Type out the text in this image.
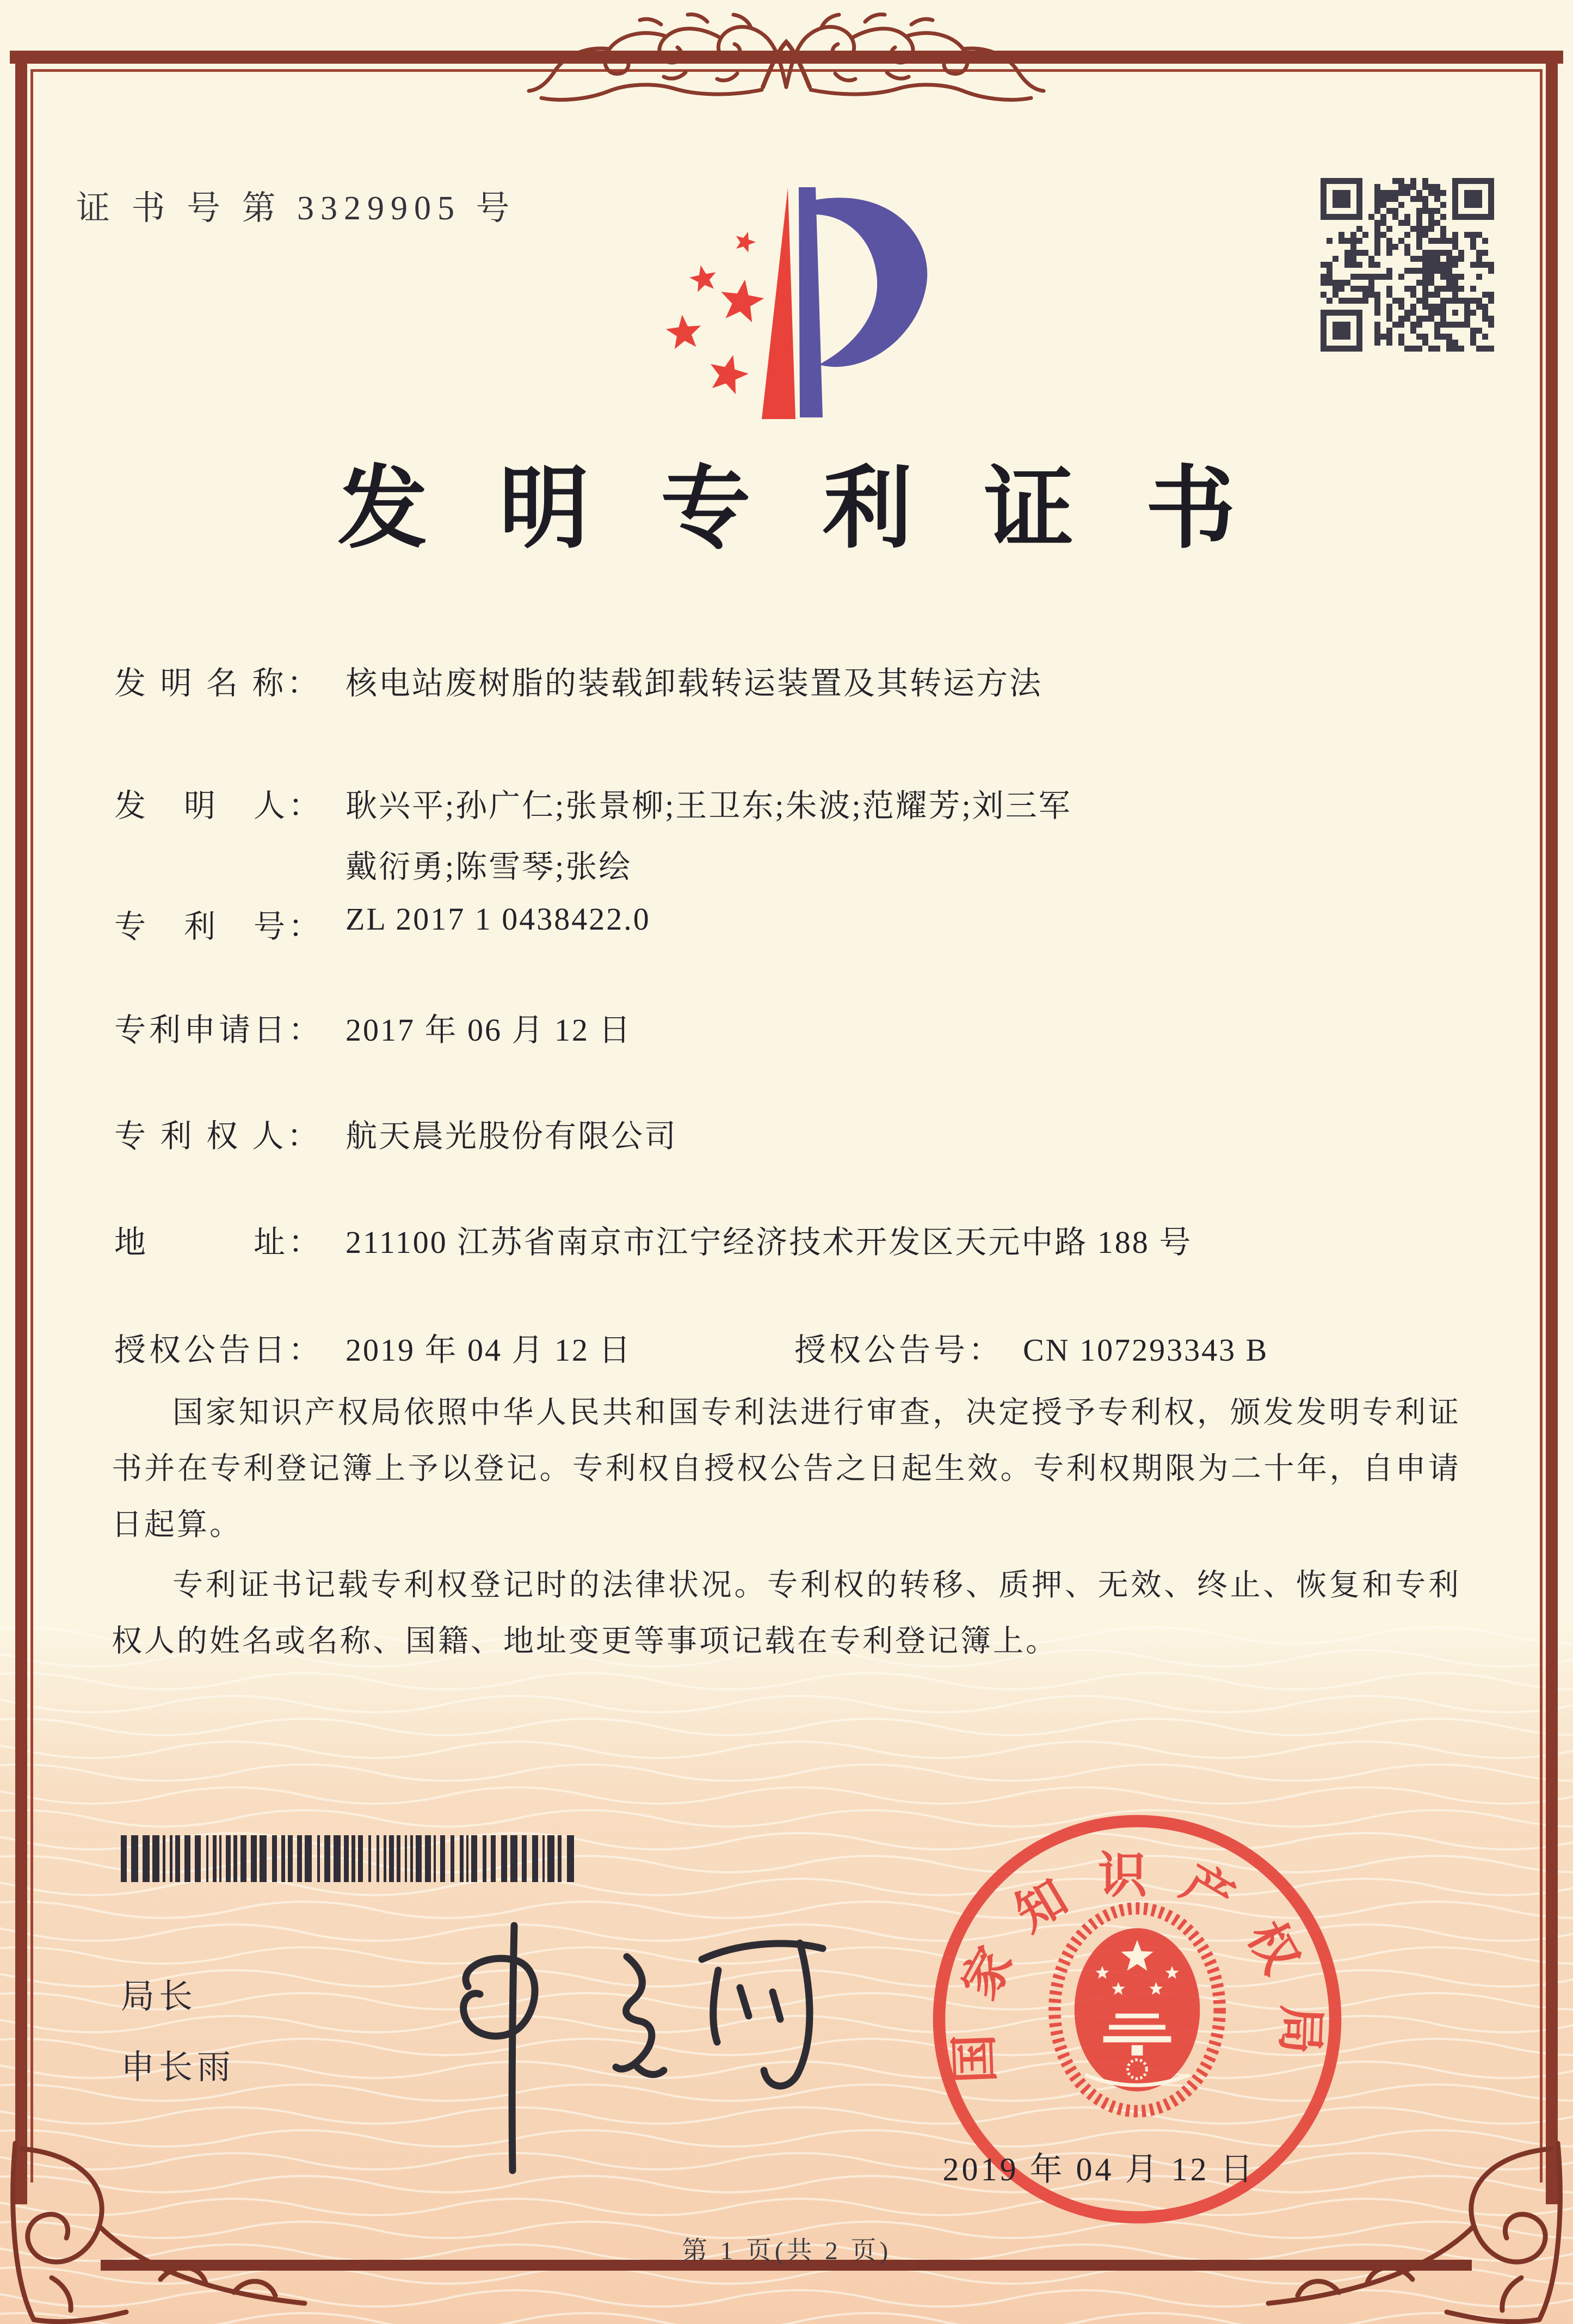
证 书 号 第 3329905 号
发明专利证书
发 明 名 称： 核电站废树脂的装载卸载转运装置及其转运方法
发　明　人： 耿兴平;孙广仁;张景柳;王卫东;朱波;范耀芳;刘三军
戴衍勇;陈雪琴;张绘
专　利　号： ZL 2017 1 0438422.0
专利申请日： 2017 年 06 月 12 日
专 利 权 人： 航天晨光股份有限公司
地　　　址： 211100 江苏省南京市江宁经济技术开发区天元中路 188 号
授权公告日： 2019 年 04 月 12 日	授权公告号： CN 107293343 B
国家知识产权局依照中华人民共和国专利法进行审查，决定授予专利权，颁发发明专利证书并在专利登记簿上予以登记。专利权自授权公告之日起生效。专利权期限为二十年，自申请日起算。
专利证书记载专利权登记时的法律状况。专利权的转移、质押、无效、终止、恢复和专利权人的姓名或名称、国籍、地址变更等事项记载在专利登记簿上。
局长
申长雨	国家知识产权局
2019 年 04 月 12 日
第 1 页(共 2 页)
